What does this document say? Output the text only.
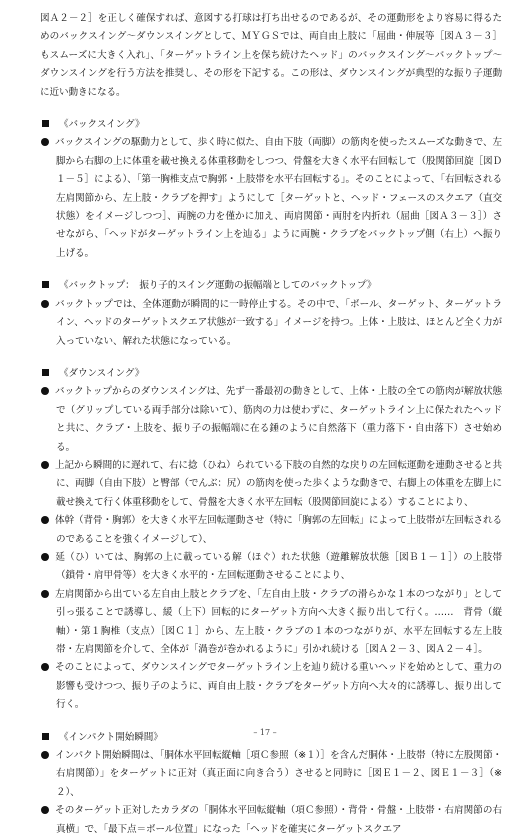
図Ａ２－２］を正しく確保すれば、意図する打球は打ち出せるのであるが、その運動形をより容易に得るためのバックスイング～ダウンスイングとして、ＭＹＧＳでは、両自由上肢に「屈曲・伸展等［図Ａ３－３］もスムーズに大きく入れ」、「ターゲットライン上を保ち続けたヘッド」のバックスイング～バックトップ～ダウンスイングを行う方法を推奨し、その形を下記する。この形は、ダウンスイングが典型的な振り子運動に近い動きになる。

《バックスイング》

バックスイングの駆動力として、歩く時に似た、自由下肢（両脚）の筋肉を使ったスムーズな動きで、左脚から右脚の上に体重を載せ換える体重移動をしつつ、骨盤を大きく水平右回転して（股関節回旋［図Ｄ１－５］による）、「第一胸椎支点で胸郭・上肢帯を水平右回転する」。そのことによって、「右回転される左肩関節から、左上肢・クラブを押す」ようにして［ターゲットと、ヘッド・フェースのスクエア（直交状態）をイメージしつつ］、両腕の力を僅かに加え、両肩関節・両肘を内折れ（屈曲［図Ａ３－３］）させながら、「ヘッドがターゲットライン上を辿る」ように両腕・クラブをバックトップ側（右上）へ振り上げる。

《バックトップ：　振り子的スイング運動の振幅端としてのバックトップ》

バックトップでは、全体運動が瞬間的に一時停止する。その中で、「ボール、ターゲット、ターゲットライン、ヘッドのターゲットスクエア状態が一致する」イメージを持つ。上体・上肢は、ほとんど全く力が入っていない、解れた状態になっている。

《ダウンスイング》

バックトップからのダウンスイングは、先ず一番最初の動きとして、上体・上肢の全ての筋肉が解放状態で（グリップしている両手部分は除いて）、筋肉の力は使わずに、ターゲットライン上に保たれたヘッドと共に、クラブ・上肢を、振り子の振幅端に在る錘のように自然落下（重力落下・自由落下）させ始める。

上記から瞬間的に遅れて、右に捻（ひね）られている下肢の自然的な戻りの左回転運動を連動させると共に、両脚（自由下肢）と臀部（でんぶ：尻）の筋肉を使った歩くような動きで、右脚上の体重を左脚上に載せ換えて行く体重移動をして、骨盤を大きく水平左回転（股関節回旋による）することにより、

体幹（背骨・胸郭）を大きく水平左回転運動させ（特に「胸郭の左回転」によって上肢帯が左回転されるのであることを強くイメージして）、

延（ひ）いては、胸郭の上に載っている解（ほぐ）れた状態（遊離解放状態［図Ｂ１－１］）の上肢帯（鎖骨・肩甲骨等）を大きく水平的・左回転運動させることにより、

左肩関節から出ている左自由上肢とクラブを、「左自由上肢・クラブの滑らかな１本のつながり」として引っ張ることで誘導し、緩（上下）回転的にターゲット方向へ大きく振り出して行く。……　背骨（縦軸）・第１胸椎（支点）［図Ｃ１］から、左上肢・クラブの１本のつながりが、水平左回転する左上肢帯・左肩関節を介して、全体が「渦巻が巻かれるように」引かれ続ける［図Ａ２－３、図Ａ２－４］。

そのことによって、ダウンスイングでターゲットライン上を辿り続ける重いヘッドを始めとして、重力の影響も受けつつ、振り子のように、両自由上肢・クラブをターゲット方向へ大々的に誘導し、振り出して行く。

《インパクト開始瞬間》

インパクト開始瞬間は、「胴体水平回転縦軸［項Ｃ参照（※１）］を含んだ胴体・上肢帯（特に左股関節・右肩関節）」をターゲットに正対（真正面に向き合う）させると同時に［図Ｅ１－２、図Ｅ１－３］（※２）、

そのターゲット正対したカラダの「胴体水平回転縦軸（項Ｃ参照）・背骨・骨盤・上肢帯・右肩関節の右真横」で、「最下点＝ボール位置」になった「ヘッドを確実にターゲットスクエア

– 17 –
